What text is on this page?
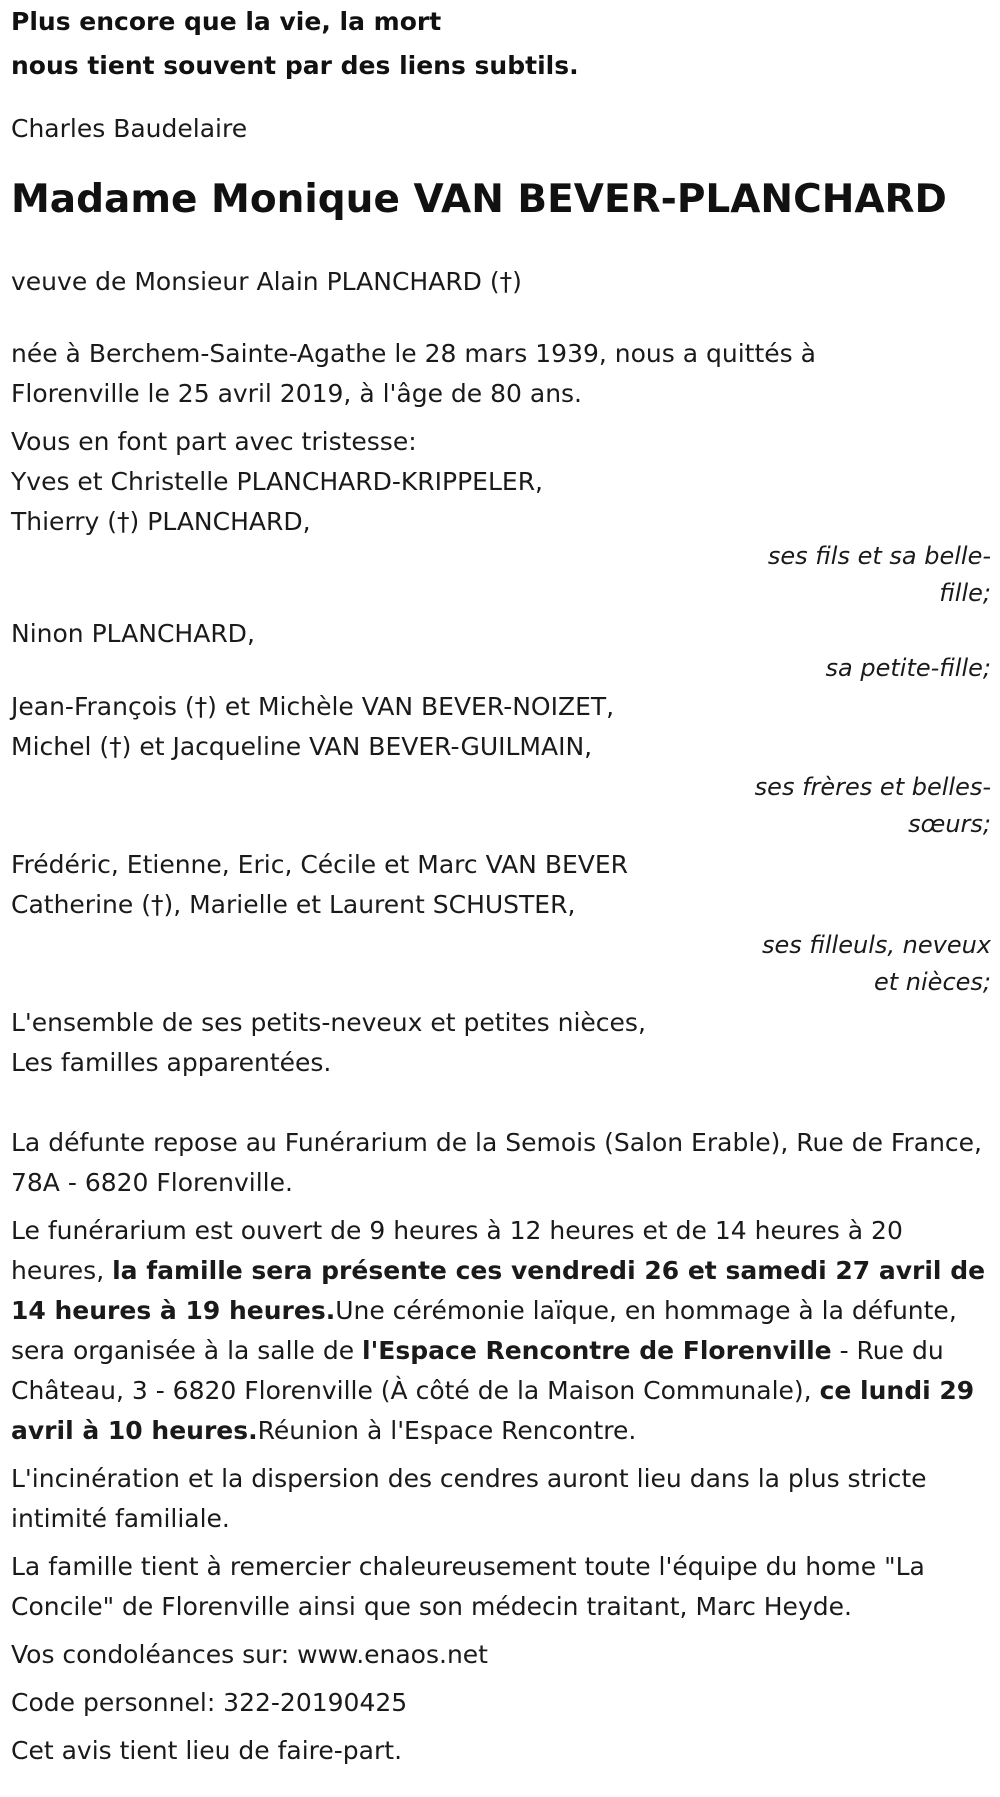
Plus encore que la vie, la mort

nous tient souvent par des liens subtils.

Charles Baudelaire

Madame Monique VAN BEVER-PLANCHARD

veuve de Monsieur Alain PLANCHARD (†)

née à Berchem-Sainte-Agathe le 28 mars 1939, nous a quittés à

Florenville le 25 avril 2019, à l'âge de 80 ans.

Vous en font part avec tristesse:

Yves et Christelle PLANCHARD-KRIPPELER,

Thierry (†) PLANCHARD,

ses fils et sa belle-fille;

Ninon PLANCHARD,

sa petite-fille;

Jean-François (†) et Michèle VAN BEVER-NOIZET,

Michel (†) et Jacqueline VAN BEVER-GUILMAIN,

ses frères et belles-sœurs;

Frédéric, Etienne, Eric, Cécile et Marc VAN BEVER

Catherine (†), Marielle et Laurent SCHUSTER,

ses filleuls, neveux et nièces;

L'ensemble de ses petits-neveux et petites nièces,

Les familles apparentées.

La défunte repose au Funérarium de la Semois (Salon Erable), Rue de France, 78A - 6820 Florenville.

Le funérarium est ouvert de 9 heures à 12 heures et de 14 heures à 20 heures, la famille sera présente ces vendredi 26 et samedi 27 avril de 14 heures à 19 heures.Une cérémonie laïque, en hommage à la défunte, sera organisée à la salle de l'Espace Rencontre de Florenville - Rue du Château, 3 - 6820 Florenville (À côté de la Maison Communale), ce lundi 29 avril à 10 heures.Réunion à l'Espace Rencontre.

L'incinération et la dispersion des cendres auront lieu dans la plus stricte intimité familiale.

La famille tient à remercier chaleureusement toute l'équipe du home "La Concile" de Florenville ainsi que son médecin traitant, Marc Heyde.

Vos condoléances sur: www.enaos.net

Code personnel: 322-20190425

Cet avis tient lieu de faire-part.
